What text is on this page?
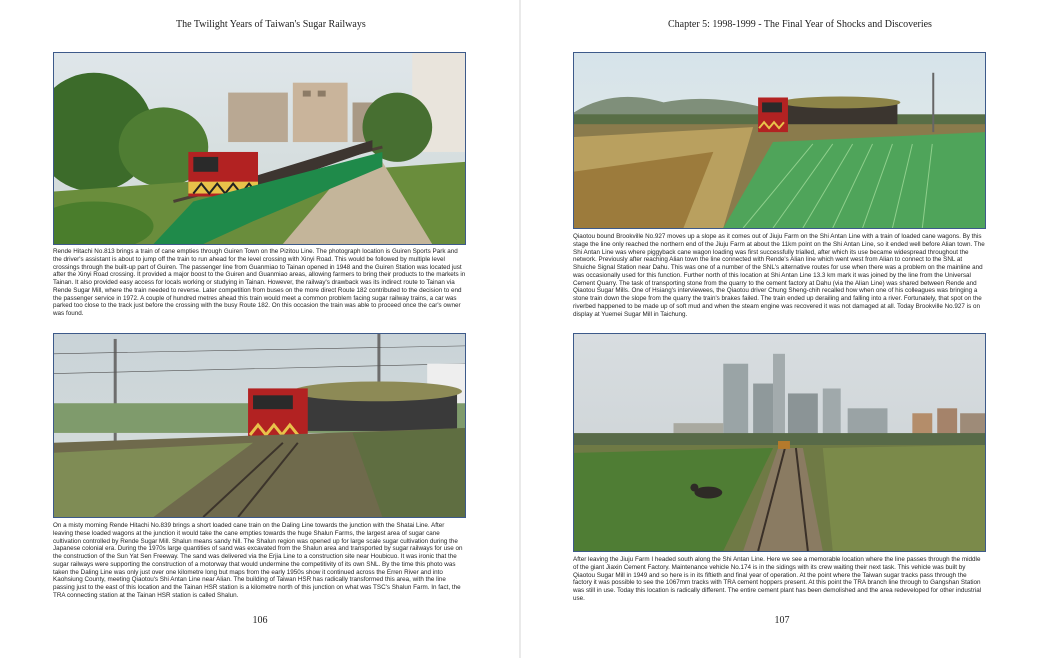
The Twilight Years of Taiwan's Sugar Railways
Rende Hitachi No.813 brings a train of cane empties through Guiren Town on the Pizitou Line. The photograph location is Guiren Sports Park and the driver's assistant is about to jump off the train to run ahead for the level crossing with Xinyi Road. This would be followed by multiple level crossings through the built-up part of Guiren. The passenger line from Guanmiao to Tainan opened in 1948 and the Guiren Station was located just after the Xinyi Road crossing. It provided a major boost to the Guiren and Guanmiao areas, allowing farmers to bring their products to the markets in Tainan. It also provided easy access for locals working or studying in Tainan. However, the railway's drawback was its indirect route to Tainan via Rende Sugar Mill, where the train needed to reverse. Later competition from buses on the more direct Route 182 contributed to the decision to end the passenger service in 1972. A couple of hundred metres ahead this train would meet a common problem facing sugar railway trains, a car was parked too close to the track just before the crossing with the busy Route 182. On this occasion the train was able to proceed once the car's owner was found.
On a misty morning Rende Hitachi No.839 brings a short loaded cane train on the Daling Line towards the junction with the Shatai Line. After leaving these loaded wagons at the junction it would take the cane empties towards the huge Shalun Farms, the largest area of sugar cane cultivation controlled by Rende Sugar Mill. Shalun means sandy hill. The Shalun region was opened up for large scale sugar cultivation during the Japanese colonial era. During the 1970s large quantities of sand was excavated from the Shalun area and transported by sugar railways for use on the construction of the Sun Yat Sen Freeway. The sand was delivered via the Erjia Line to a construction site near Houbicuo. It was ironic that the sugar railways were supporting the construction of a motorway that would undermine the competitivity of its own SNL. By the time this photo was taken the Daling Line was only just over one kilometre long but maps from the early 1950s show it continued across the Erren River and into Kaohsiung County, meeting Qiaotou's Shi Antan Line near Alian. The building of Taiwan HSR has radically transformed this area, with the line passing just to the east of this location and the Tainan HSR station is a kilometre north of this junction on what was TSC's Shalun Farm. In fact, the TRA connecting station at the Tainan HSR station is called Shalun.
106
Chapter 5: 1998-1999 - The Final Year of Shocks and Discoveries
Qiaotou bound Brookville No.927 moves up a slope as it comes out of Jiuju Farm on the Shi Antan Line with a train of loaded cane wagons. By this stage the line only reached the northern end of the Jiuju Farm at about the 11km point on the Shi Antan Line, so it ended well before Alian town. The Shi Antan Line was where piggyback cane wagon loading was first successfully trialled, after which its use became widespread throughout the network. Previously after reaching Alian town the line connected with Rende's Alian line which went west from Alian to connect to the SNL at Shuiche Signal Station near Dahu. This was one of a number of the SNL's alternative routes for use when there was a problem on the mainline and was occasionally used for this function. Further north of this location at Shi Antan Line 13.3 km mark it was joined by the line from the Universal Cement Quarry. The task of transporting stone from the quarry to the cement factory at Dahu (via the Alian Line) was shared between Rende and Qiaotou Sugar Mills. One of Hsiang's interviewees, the Qiaotou driver Chung Sheng-chih recalled how when one of his colleagues was bringing a stone train down the slope from the quarry the train's brakes failed. The train ended up derailing and falling into a river. Fortunately, that spot on the riverbed happened to be made up of soft mud and when the steam engine was recovered it was not damaged at all. Today Brookville No.927 is on display at Yuemei Sugar Mill in Taichung.
After leaving the Jiuju Farm I headed south along the Shi Antan Line. Here we see a memorable location where the line passes through the middle of the giant Jiaxin Cement Factory. Maintenance vehicle No.174 is in the sidings with its crew waiting their next task. This vehicle was built by Qiaotou Sugar Mill in 1949 and so here is in its fiftieth and final year of operation. At the point where the Taiwan sugar tracks pass through the factory it was possible to see the 1067mm tracks with TRA cement hoppers present. At this point the TRA branch line through to Gangshan Station was still in use. Today this location is radically different. The entire cement plant has been demolished and the area redeveloped for other industrial use.
107
